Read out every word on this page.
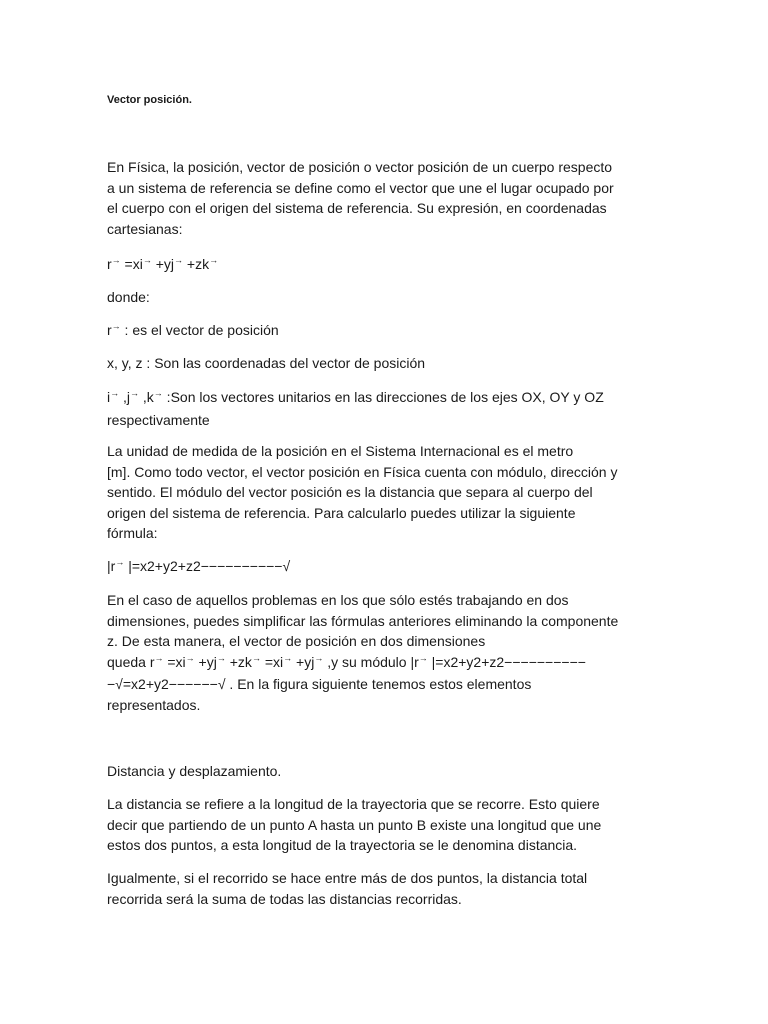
Vector posición.

En Física, la posición, vector de posición o vector posición de un cuerpo respecto
a un sistema de referencia se define como el vector que une el lugar ocupado por
el cuerpo con el origen del sistema de referencia. Su expresión, en coordenadas
cartesianas:

r→ =xi→ +yj→ +zk→

donde:

r→ : es el vector de posición

x, y, z : Son las coordenadas del vector de posición

i→ ,j→ ,k→ :Son los vectores unitarios en las direcciones de los ejes OX, OY y OZ
respectivamente

La unidad de medida de la posición en el Sistema Internacional es el metro
[m]. Como todo vector, el vector posición en Física cuenta con módulo, dirección y
sentido. El módulo del vector posición es la distancia que separa al cuerpo del
origen del sistema de referencia. Para calcularlo puedes utilizar la siguiente
fórmula:

|r→ |=x2+y2+z2−−−−−−−−−−√

En el caso de aquellos problemas en los que sólo estés trabajando en dos
dimensiones, puedes simplificar las fórmulas anteriores eliminando la componente
z. De esta manera, el vector de posición en dos dimensiones
queda r→ =xi→ +yj→ +zk→ =xi→ +yj→ ,y su módulo |r→ |=x2+y2+z2−−−−−−−−−−
−√=x2+y2−−−−−−√ . En la figura siguiente tenemos estos elementos
representados.

Distancia y desplazamiento.

La distancia se refiere a la longitud de la trayectoria que se recorre. Esto quiere
decir que partiendo de un punto A hasta un punto B existe una longitud que une
estos dos puntos, a esta longitud de la trayectoria se le denomina distancia.

Igualmente, si el recorrido se hace entre más de dos puntos, la distancia total
recorrida será la suma de todas las distancias recorridas.
